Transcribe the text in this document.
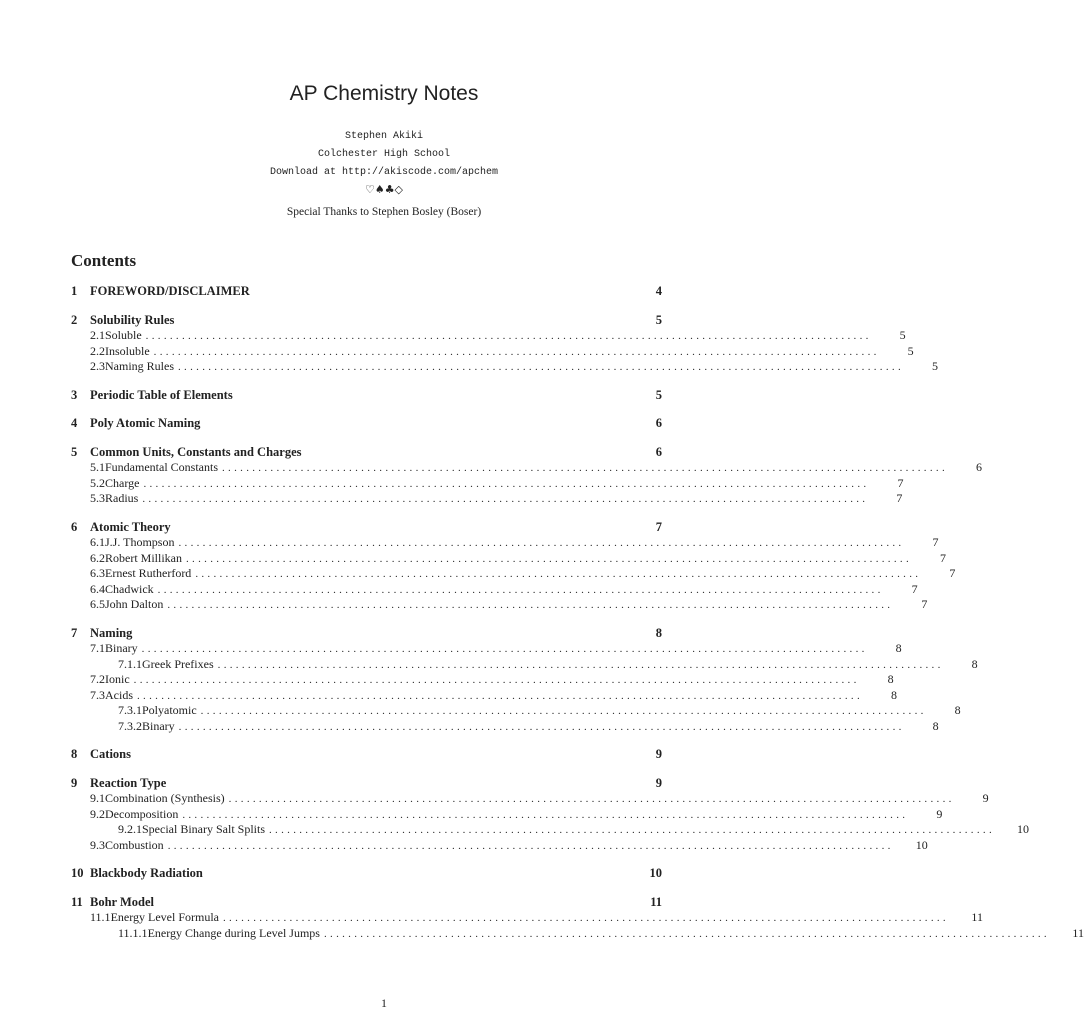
AP Chemistry Notes
Stephen Akiki
Colchester High School
Download at http://akiscode.com/apchem
♡♠♣◇
Special Thanks to Stephen Bosley (Boser)
Contents
1	FOREWORD/DISCLAIMER	4
2	Solubility Rules	5
2.1 Soluble ........................................................................................................................	5
2.2 Insoluble ........................................................................................................................	5
2.3 Naming Rules ........................................................................................................................	5
3	Periodic Table of Elements	5
4	Poly Atomic Naming	6
5	Common Units, Constants and Charges	6
5.1 Fundamental Constants ........................................................................................................................	6
5.2 Charge ........................................................................................................................	7
5.3 Radius ........................................................................................................................	7
6	Atomic Theory	7
6.1 J.J. Thompson ........................................................................................................................	7
6.2 Robert Millikan ........................................................................................................................	7
6.3 Ernest Rutherford ........................................................................................................................	7
6.4 Chadwick ........................................................................................................................	7
6.5 John Dalton ........................................................................................................................	7
7	Naming	8
7.1 Binary ........................................................................................................................	8
7.1.1 Greek Prefixes ........................................................................................................................	8
7.2 Ionic ........................................................................................................................	8
7.3 Acids ........................................................................................................................	8
7.3.1 Polyatomic ........................................................................................................................	8
7.3.2 Binary ........................................................................................................................	8
8	Cations	9
9	Reaction Type	9
9.1 Combination (Synthesis) ........................................................................................................................	9
9.2 Decomposition ........................................................................................................................	9
9.2.1 Special Binary Salt Splits ........................................................................................................................	10
9.3 Combustion ........................................................................................................................	10
10 Blackbody Radiation	10
11 Bohr Model	11
11.1 Energy Level Formula ........................................................................................................................	11
11.1.1 Energy Change during Level Jumps ........................................................................................................................	11
1
